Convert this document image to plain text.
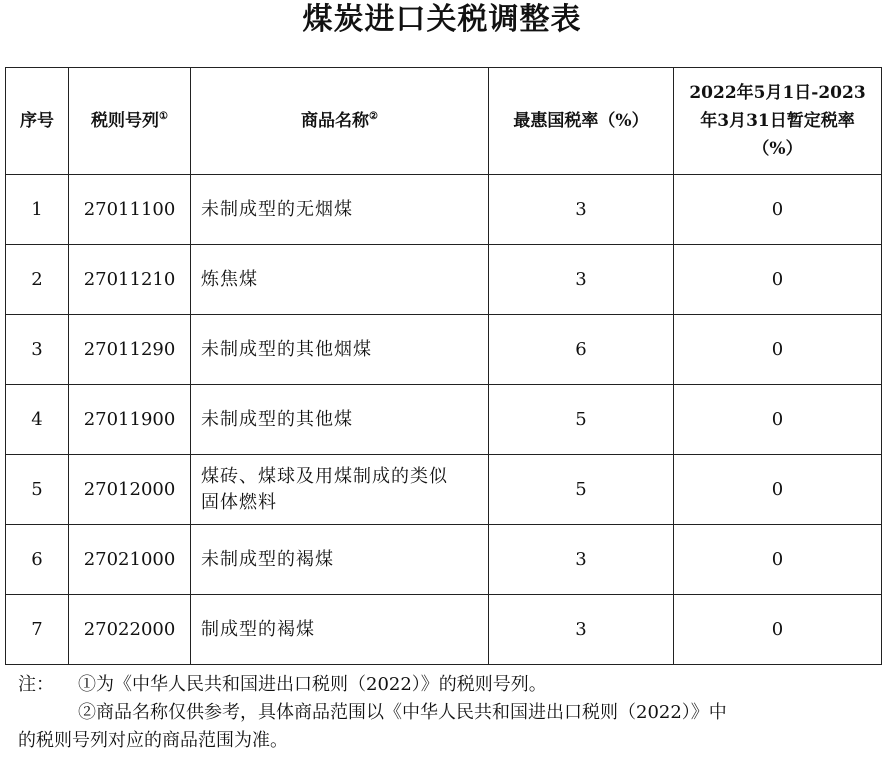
煤炭进口关税调整表
序号	税则号列①	商品名称②	最惠国税率（%）	2022年5月1日-2023
年3月31日暂定税率
（%）

1	27011100	未制成型的无烟煤	3	0
2	27011210	炼焦煤	3	0
3	27011290	未制成型的其他烟煤	6	0
4	27011900	未制成型的其他煤	5	0
5	27012000	煤砖、煤球及用煤制成的类似
固体燃料	5	0
6	27021000	未制成型的褐煤	3	0
7	27022000	制成型的褐煤	3	0
注：	①为《中华人民共和国进出口税则（2022）》的税则号列。
②商品名称仅供参考，具体商品范围以《中华人民共和国进出口税则（2022）》中
的税则号列对应的商品范围为准。
